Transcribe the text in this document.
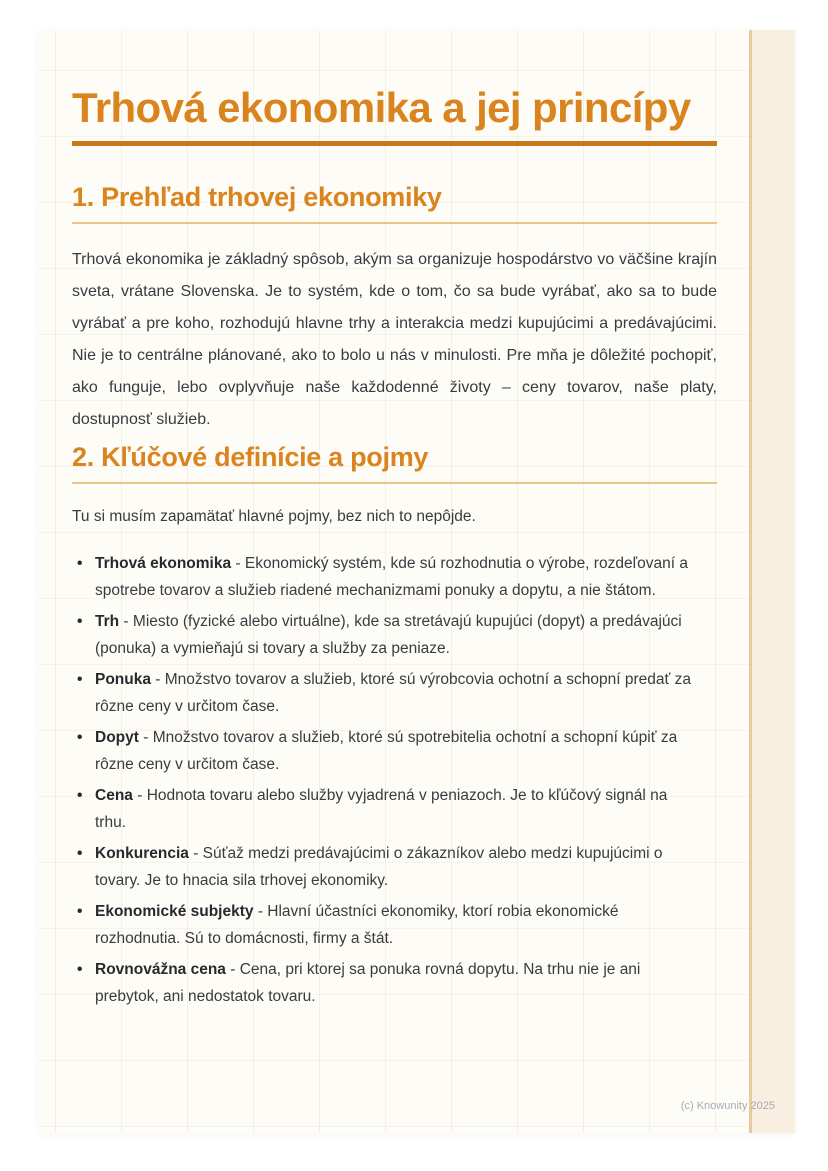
Trhová ekonomika a jej princípy
1. Prehľad trhovej ekonomiky

Trhová ekonomika je základný spôsob, akým sa organizuje hospodárstvo vo väčšine krajín sveta, vrátane Slovenska. Je to systém, kde o tom, čo sa bude vyrábať, ako sa to bude vyrábať a pre koho, rozhodujú hlavne trhy a interakcia medzi kupujúcimi a predávajúcimi. Nie je to centrálne plánované, ako to bolo u nás v minulosti. Pre mňa je dôležité pochopiť, ako funguje, lebo ovplyvňuje naše každodenné životy – ceny tovarov, naše platy, dostupnosť služieb.

2. Kľúčové definície a pojmy

Tu si musím zapamätať hlavné pojmy, bez nich to nepôjde.

• Trhová ekonomika - Ekonomický systém, kde sú rozhodnutia o výrobe, rozdeľovaní a spotrebe tovarov a služieb riadené mechanizmami ponuky a dopytu, a nie štátom.
• Trh - Miesto (fyzické alebo virtuálne), kde sa stretávajú kupujúci (dopyt) a predávajúci (ponuka) a vymieňajú si tovary a služby za peniaze.
• Ponuka - Množstvo tovarov a služieb, ktoré sú výrobcovia ochotní a schopní predať za rôzne ceny v určitom čase.
• Dopyt - Množstvo tovarov a služieb, ktoré sú spotrebitelia ochotní a schopní kúpiť za rôzne ceny v určitom čase.
• Cena - Hodnota tovaru alebo služby vyjadrená v peniazoch. Je to kľúčový signál na trhu.
• Konkurencia - Súťaž medzi predávajúcimi o zákazníkov alebo medzi kupujúcimi o tovary. Je to hnacia sila trhovej ekonomiky.
• Ekonomické subjekty - Hlavní účastníci ekonomiky, ktorí robia ekonomické rozhodnutia. Sú to domácnosti, firmy a štát.
• Rovnovážna cena - Cena, pri ktorej sa ponuka rovná dopytu. Na trhu nie je ani prebytok, ani nedostatok tovaru.
(c) Knowunity 2025
